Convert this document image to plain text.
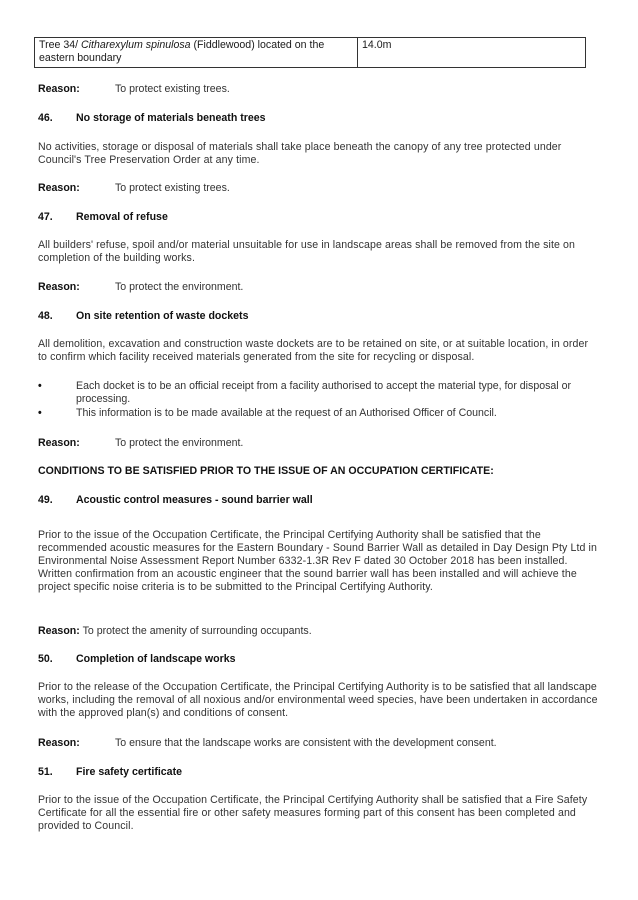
Tree 34/ Citharexylum spinulosa (Fiddlewood) located on the eastern boundary	14.0m
Reason:	To protect existing trees.

46. No storage of materials beneath trees

No activities, storage or disposal of materials shall take place beneath the canopy of any tree protected under Council's Tree Preservation Order at any time.

Reason:	To protect existing trees.

47. Removal of refuse

All builders' refuse, spoil and/or material unsuitable for use in landscape areas shall be removed from the site on completion of the building works.

Reason:	To protect the environment.

48. On site retention of waste dockets

All demolition, excavation and construction waste dockets are to be retained on site, or at suitable location, in order to confirm which facility received materials generated from the site for recycling or disposal.

•	Each docket is to be an official receipt from a facility authorised to accept the material type, for disposal or processing.
•	This information is to be made available at the request of an Authorised Officer of Council.
Reason:	To protect the environment.

CONDITIONS TO BE SATISFIED PRIOR TO THE ISSUE OF AN OCCUPATION CERTIFICATE:

49. Acoustic control measures - sound barrier wall

Prior to the issue of the Occupation Certificate, the Principal Certifying Authority shall be satisfied that the recommended acoustic measures for the Eastern Boundary - Sound Barrier Wall as detailed in Day Design Pty Ltd in Environmental Noise Assessment Report Number 6332-1.3R Rev F dated 30 October 2018 has been installed. Written confirmation from an acoustic engineer that the sound barrier wall has been installed and will achieve the project specific noise criteria is to be submitted to the Principal Certifying Authority.

Reason: To protect the amenity of surrounding occupants.

50. Completion of landscape works

Prior to the release of the Occupation Certificate, the Principal Certifying Authority is to be satisfied that all landscape works, including the removal of all noxious and/or environmental weed species, have been undertaken in accordance with the approved plan(s) and conditions of consent.

Reason:	To ensure that the landscape works are consistent with the development consent.

51. Fire safety certificate

Prior to the issue of the Occupation Certificate, the Principal Certifying Authority shall be satisfied that a Fire Safety Certificate for all the essential fire or other safety measures forming part of this consent has been completed and provided to Council.
